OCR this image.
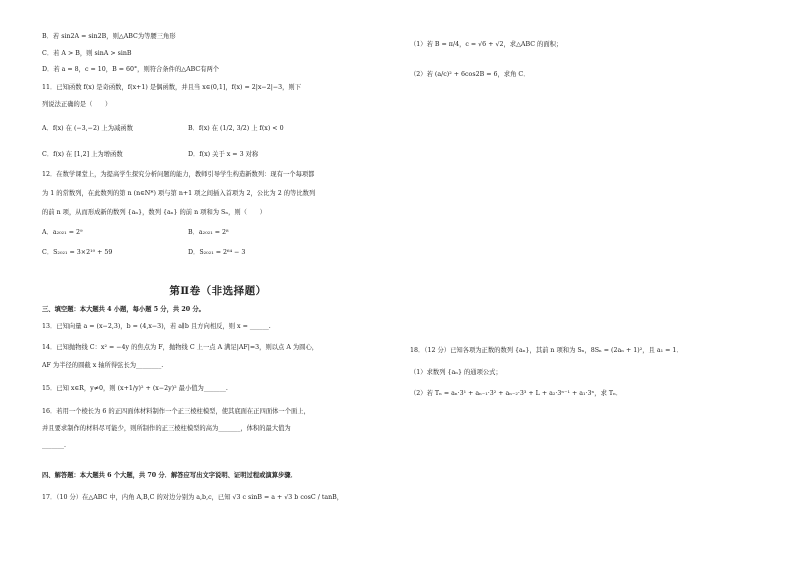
B．若 sin2A = sin2B，则△ABC为等腰三角形
C．若 A > B，则 sinA > sinB
D．若 a = 8，c = 10，B = 60°，则符合条件的△ABC有两个
11．已知函数 f(x) 是奇函数，f(x+1) 是偶函数，并且当 x∈(0,1]，f(x) = 2|x−2|−3，则下
列说法正确的是（　　）
A．f(x) 在 (−3,−2) 上为减函数	B．f(x) 在 (1/2, 3/2) 上 f(x) < 0
C．f(x) 在 [1,2] 上为增函数	D．f(x) 关于 x = 3 对称
12．在数学课堂上，为提高学生探究分析问题的能力，教师引导学生构造新数列：现有一个每项都
为 1 的常数列，在此数列的第 n (n∈N*) 项与第 n+1 项之间插入首项为 2，公比为 2 的等比数列
的前 n 项，从而形成新的数列 {aₙ}，数列 {aₙ} 的前 n 项和为 Sₙ，则（　　）
A．a₂₀₂₁ = 2⁹	B．a₂₀₂₁ = 2⁸
C．S₂₀₂₁ = 3×2¹⁰ + 59	D．S₂₀₂₁ = 2⁶⁴ − 3
第Ⅱ卷（非选择题）
三、填空题：本大题共 4 小题，每小题 5 分，共 20 分。
13．已知向量 a = (x−2,3)，b = (4,x−3)，若 a∥b 且方向相反，则 x = ______.
14．已知抛物线 C：x² = −4y 的焦点为 F，抛物线 C 上一点 A 满足|AF|=3，则以点 A 为圆心，
AF 为半径的圆截 x 轴所得弦长为________.
15．已知 x∈R，y≠0，则 (x+1/y)² + (x−2y)² 最小值为_______.
16．若用一个棱长为 6 的正四面体材料制作一个正三棱柱模型，使其底面在正四面体一个面上，
并且要求制作的材料尽可能少，则所制作的正三棱柱模型的高为_______，体积的最大值为
_______.
四、解答题：本大题共 6 个大题，共 70 分．解答应写出文字说明、证明过程或演算步骤．
17．（10 分）在△ABC 中，内角 A,B,C 的对边分别为 a,b,c，已知 √3 c sinB = a + √3 b cosC / tanB，
（1）若 B = π/4，c = √6 + √2，求△ABC 的面积；
（2）若 (a/c)² + 6cos2B = 6，求角 C．
18．（12 分）已知各项为正数的数列 {aₙ}，其前 n 项和为 Sₙ，8Sₙ = (2aₙ + 1)²，且 a₁ = 1．
（1）求数列 {aₙ} 的通项公式；
（2）若 Tₙ = aₙ·3¹ + aₙ₋₁·3² + aₙ₋₂·3³ + L + a₂·3ⁿ⁻¹ + a₁·3ⁿ，求 Tₙ．
